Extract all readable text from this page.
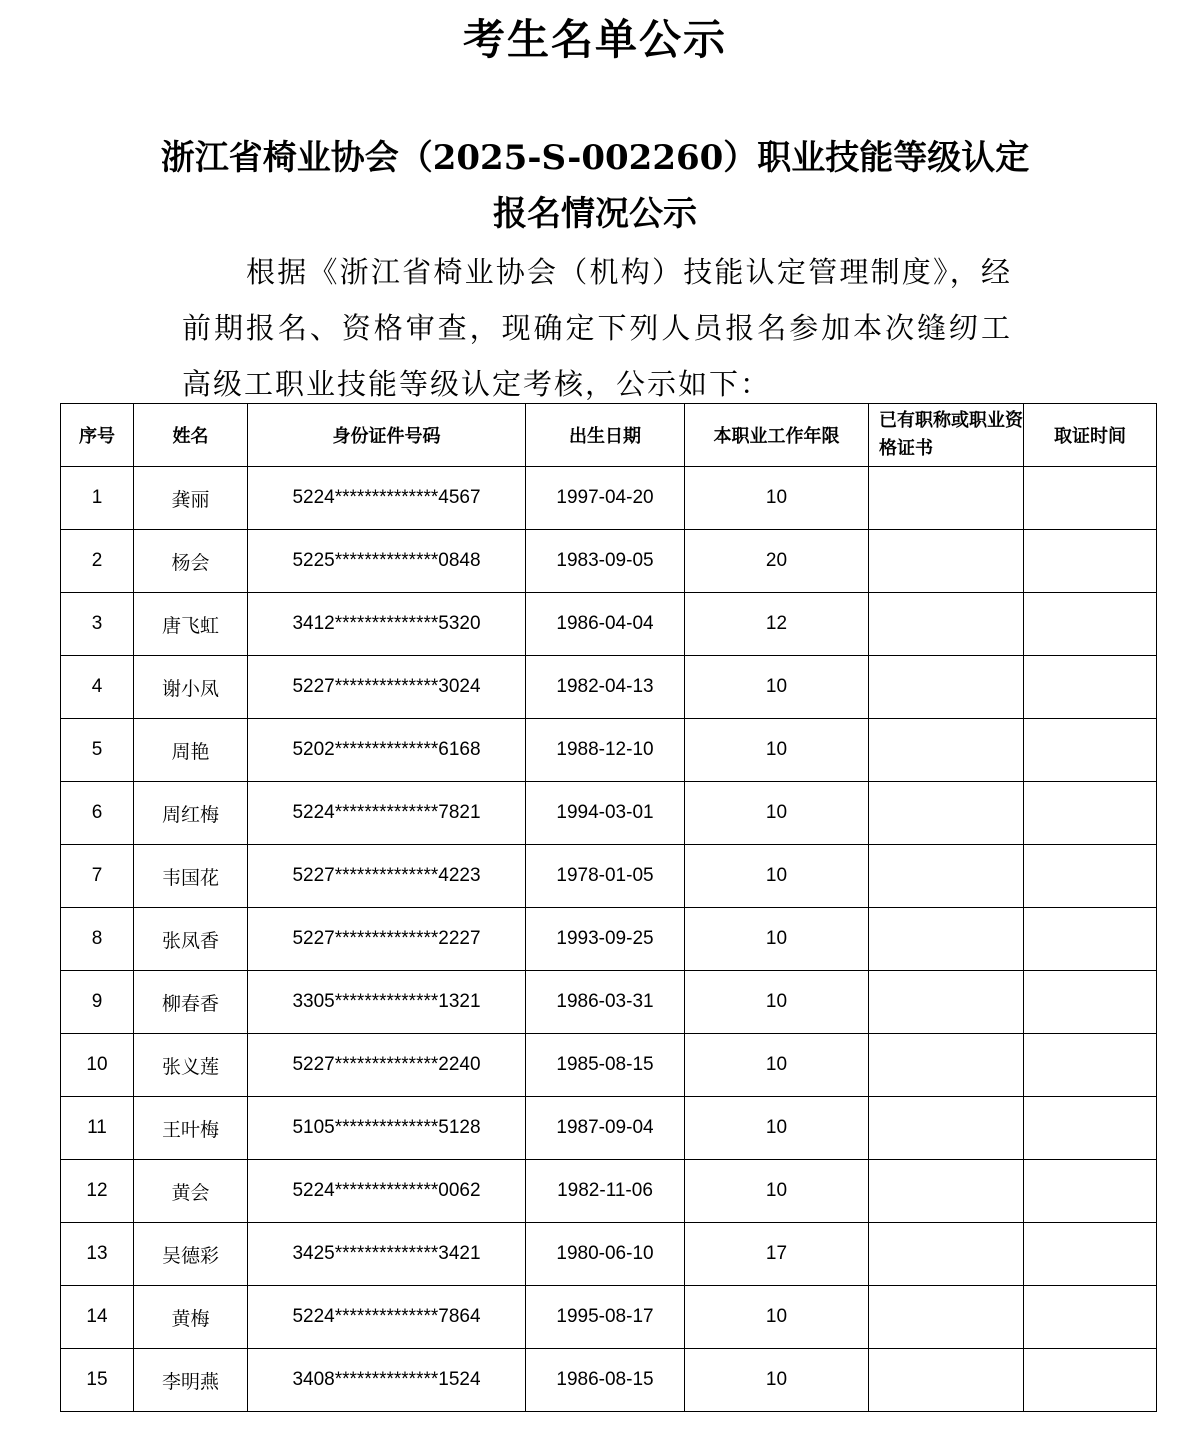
考生名单公示
浙江省椅业协会（2025-S-002260）职业技能等级认定
报名情况公示
根据《浙江省椅业协会（机构）技能认定管理制度》，经前期报名、资格审查，现确定下列人员报名参加本次缝纫工高级工职业技能等级认定考核，公示如下：
序号	姓名	身份证件号码	出生日期	本职业工作年限	已有职称或职业资格证书	取证时间
1	龚丽	5224**************4567	1997-04-20	10		
2	杨会	5225**************0848	1983-09-05	20		
3	唐飞虹	3412**************5320	1986-04-04	12		
4	谢小凤	5227**************3024	1982-04-13	10		
5	周艳	5202**************6168	1988-12-10	10		
6	周红梅	5224**************7821	1994-03-01	10		
7	韦国花	5227**************4223	1978-01-05	10		
8	张凤香	5227**************2227	1993-09-25	10		
9	柳春香	3305**************1321	1986-03-31	10		
10	张义莲	5227**************2240	1985-08-15	10		
11	王叶梅	5105**************5128	1987-09-04	10		
12	黄会	5224**************0062	1982-11-06	10		
13	吴德彩	3425**************3421	1980-06-10	17		
14	黄梅	5224**************7864	1995-08-17	10		
15	李明燕	3408**************1524	1986-08-15	10		
